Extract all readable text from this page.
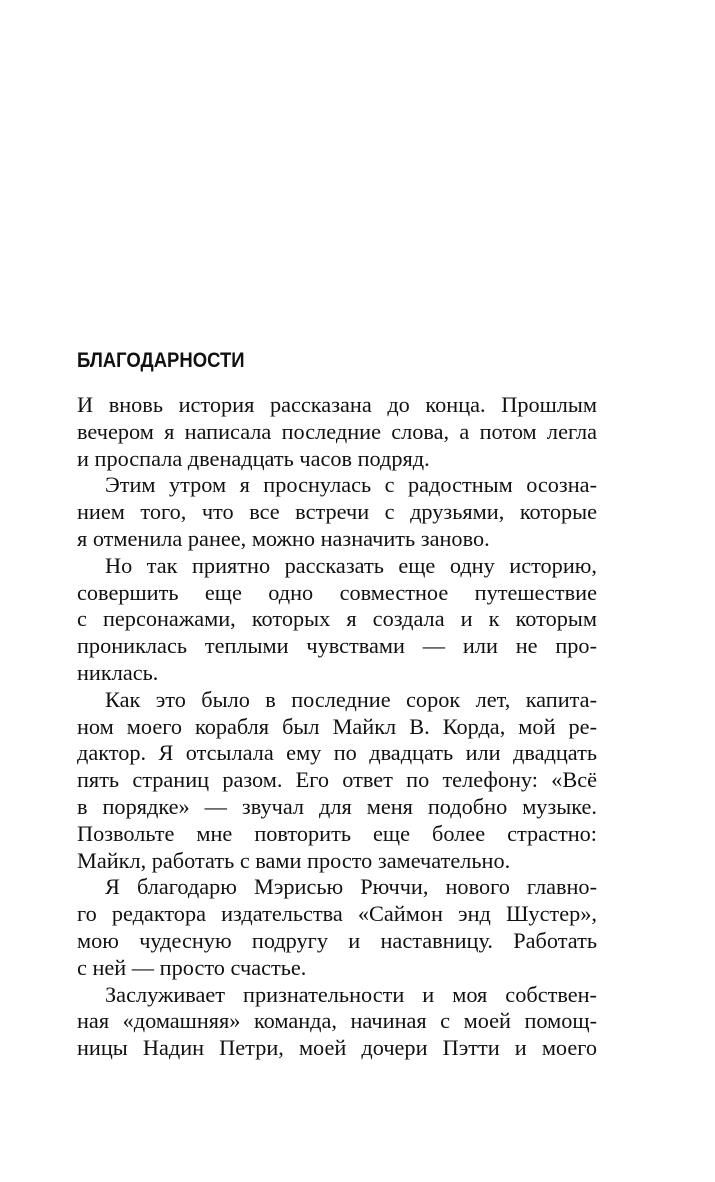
БЛАГОДАРНОСТИ
И вновь история рассказана до конца. Прошлым
вечером я написала последние слова, а потом легла
и проспала двенадцать часов подряд.
Этим утром я проснулась с радостным осозна-
нием того, что все встречи с друзьями, которые
я отменила ранее, можно назначить заново.
Но так приятно рассказать еще одну историю,
совершить еще одно совместное путешествие
с персонажами, которых я создала и к которым
прониклась теплыми чувствами — или не про-
никлась.
Как это было в последние сорок лет, капита-
ном моего корабля был Майкл В. Корда, мой ре-
дактор. Я отсылала ему по двадцать или двадцать
пять страниц разом. Его ответ по телефону: «Всё
в порядке» — звучал для меня подобно музыке.
Позвольте мне повторить еще более страстно:
Майкл, работать с вами просто замечательно.
Я благодарю Мэрисью Рюччи, нового главно-
го редактора издательства «Саймон энд Шустер»,
мою чудесную подругу и наставницу. Работать
с ней — просто счастье.
Заслуживает признательности и моя собствен-
ная «домашняя» команда, начиная с моей помощ-
ницы Надин Петри, моей дочери Пэтти и моего
